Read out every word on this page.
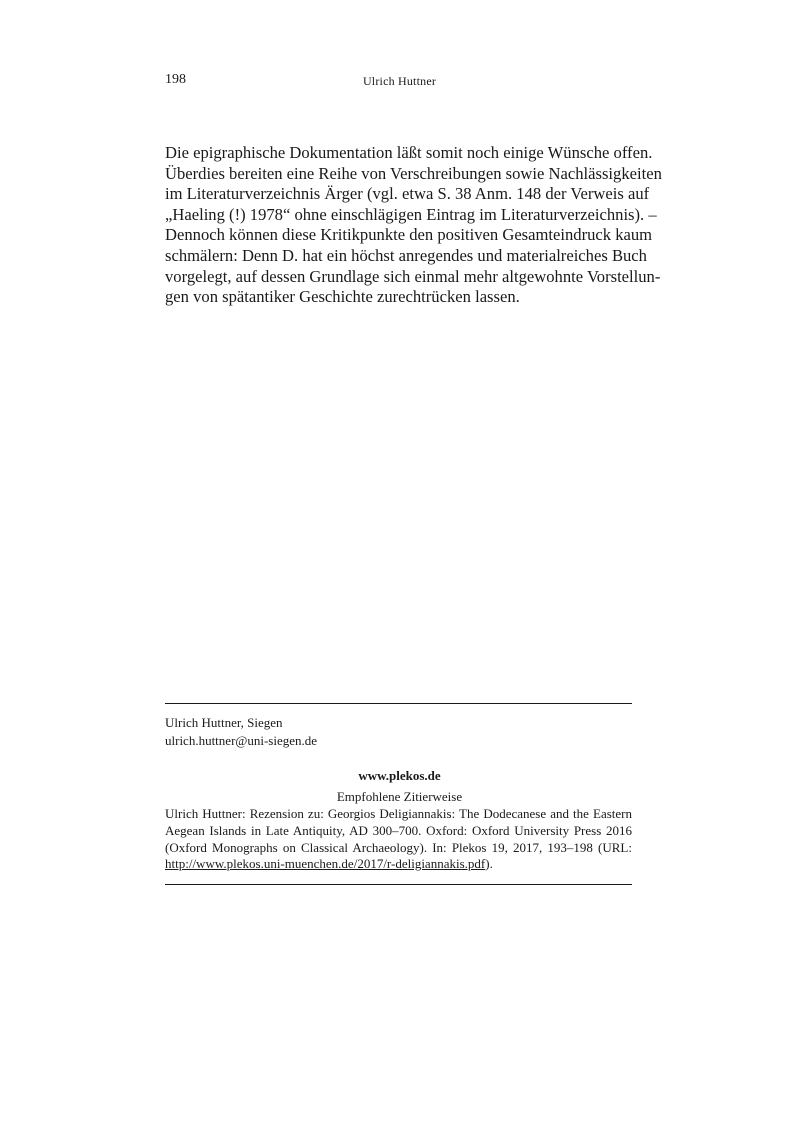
198	Ulrich Huttner

Die epigraphische Dokumentation läßt somit noch einige Wünsche offen.
Überdies bereiten eine Reihe von Verschreibungen sowie Nachlässigkeiten
im Literaturverzeichnis Ärger (vgl. etwa S. 38 Anm. 148 der Verweis auf
„Haeling (!) 1978“ ohne einschlägigen Eintrag im Literaturverzeichnis). –
Dennoch können diese Kritikpunkte den positiven Gesamteindruck kaum
schmälern: Denn D. hat ein höchst anregendes und materialreiches Buch
vorgelegt, auf dessen Grundlage sich einmal mehr altgewohnte Vorstellun-
gen von spätantiker Geschichte zurechtrücken lassen.

Ulrich Huttner, Siegen
ulrich.huttner@uni-siegen.de
www.plekos.de
Empfohlene Zitierweise
Ulrich Huttner: Rezension zu: Georgios Deligiannakis: The Dodecanese and the Eastern
Aegean Islands in Late Antiquity, AD 300–700. Oxford: Oxford University Press 2016
(Oxford Monographs on Classical Archaeology). In: Plekos 19, 2017, 193–198 (URL:
http://www.plekos.uni-muenchen.de/2017/r-deligiannakis.pdf).
